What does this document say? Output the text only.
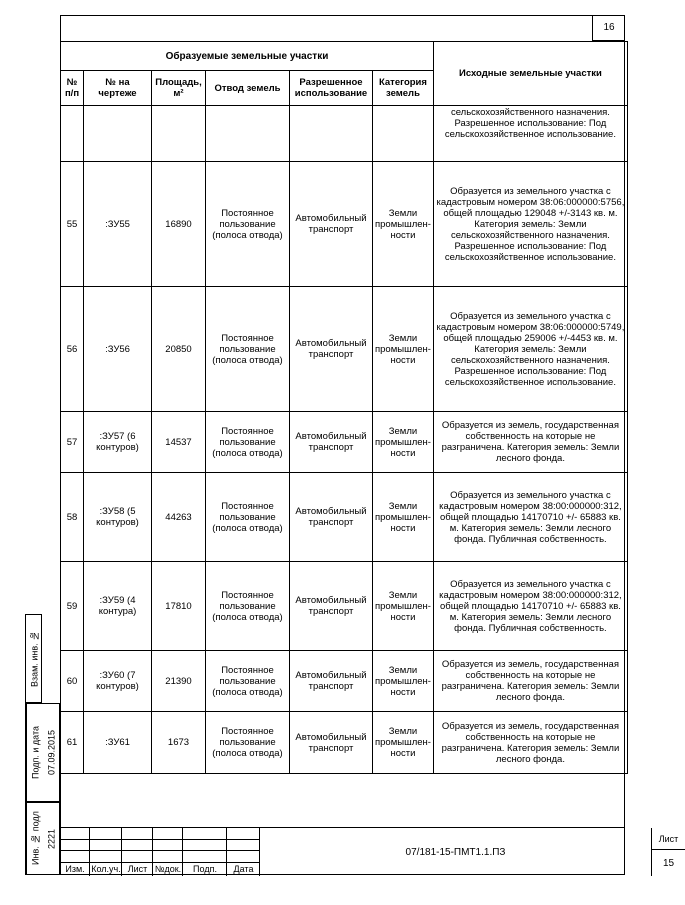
16
Образуемые земельные участки						Исходные земельные участки
№ п/п	№ на чертеже	Площадь, м²	Отвод земель	Разрешенное использование	Категория земель	
						сельскохозяйственного назначения. Разрешенное использование: Под сельскохозяйственное использование.
55	:ЗУ55	16890	Постоянное пользование (полоса отвода)	Автомобильный транспорт	Земли промышлен-ности	Образуется из земельного участка с кадастровым номером 38:06:000000:5756, общей площадью 129048 +/-3143 кв. м. Категория земель: Земли сельскохозяйственного назначения. Разрешенное использование: Под сельскохозяйственное использование.
56	:ЗУ56	20850	Постоянное пользование (полоса отвода)	Автомобильный транспорт	Земли промышлен-ности	Образуется из земельного участка с кадастровым номером 38:06:000000:5749, общей площадью 259006 +/-4453 кв. м. Категория земель: Земли сельскохозяйственного назначения. Разрешенное использование: Под сельскохозяйственное использование.
57	:ЗУ57 (6 контуров)	14537	Постоянное пользование (полоса отвода)	Автомобильный транспорт	Земли промышлен-ности	Образуется из земель, государственная собственность на которые не разграничена. Категория земель: Земли лесного фонда.
58	:ЗУ58 (5 контуров)	44263	Постоянное пользование (полоса отвода)	Автомобильный транспорт	Земли промышлен-ности	Образуется из земельного участка с кадастровым номером 38:00:000000:312, общей площадью 14170710 +/- 65883 кв. м. Категория земель: Земли лесного фонда. Публичная собственность.
59	:ЗУ59 (4 контура)	17810	Постоянное пользование (полоса отвода)	Автомобильный транспорт	Земли промышлен-ности	Образуется из земельного участка с кадастровым номером 38:00:000000:312, общей площадью 14170710 +/- 65883 кв. м. Категория земель: Земли лесного фонда. Публичная собственность.
60	:ЗУ60 (7 контуров)	21390	Постоянное пользование (полоса отвода)	Автомобильный транспорт	Земли промышлен-ности	Образуется из земель, государственная собственность на которые не разграничена. Категория земель: Земли лесного фонда.
61	:ЗУ61	1673	Постоянное пользование (полоса отвода)	Автомобильный транспорт	Земли промышлен-ности	Образуется из земель, государственная собственность на которые не разграничена. Категория земель: Земли лесного фонда.

Взам. инв. №
Подп. и дата 07.09.2015
Инв. № подл 2221
Изм. Кол.уч. Лист №док.	Подп.	Дата
07/181-15-ПМТ1.1.ПЗ
Лист
15
